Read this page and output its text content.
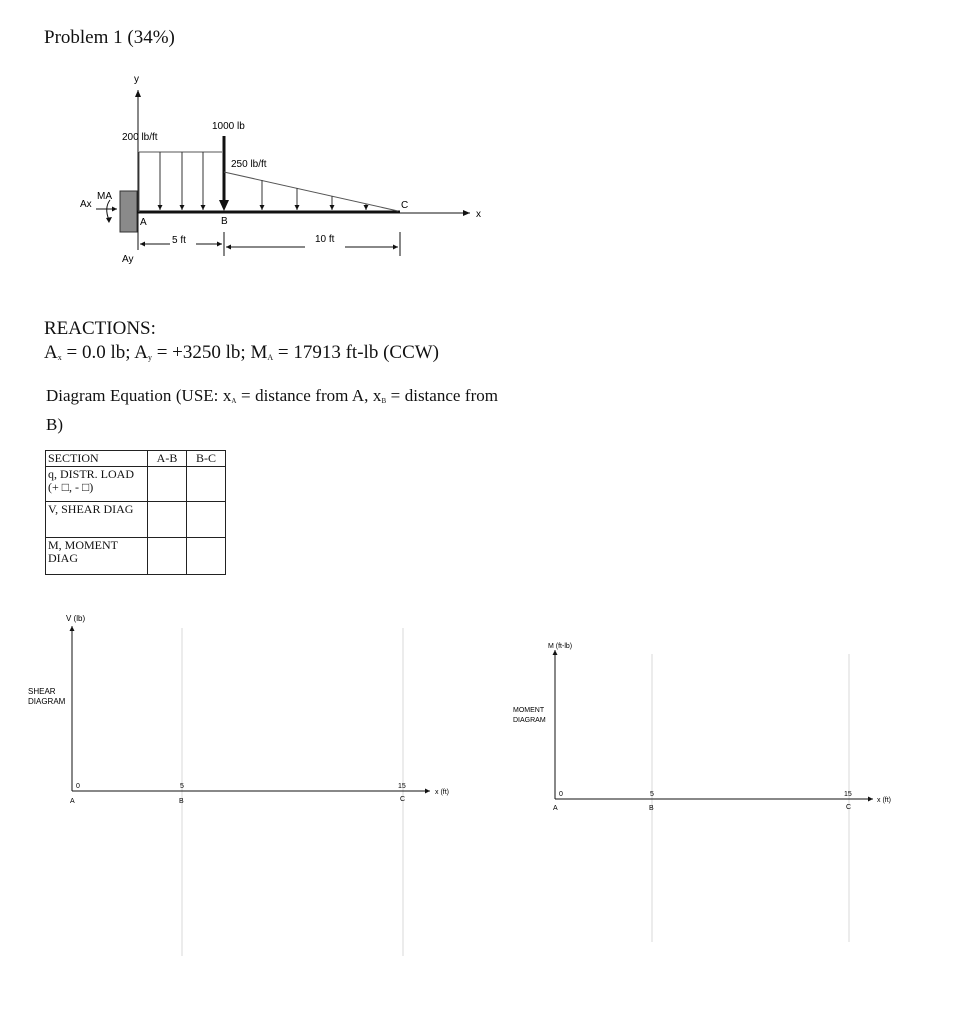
Problem 1 (34%)
y
x
200 lb/ft
1000 lb
250 lb/ft
A	B
C
Ax
MA
Ay
5 ft	10 ft
REACTIONS:
$A_x = 0.0$ lb; $A_y = +3250$ lb; $M_A = 17913$ ft-lb (CCW)
Diagram Equation (USE: $x_A$ = distance from A, $x_B$ = distance from B)
SECTION	A-B	B-C
q, DISTR. LOAD (+ □, - □)		
V, SHEAR DIAG		
M, MOMENT DIAG		
V (lb)
SHEAR
DIAGRAM
0	5	15
A	B	C
x (ft)
M (ft-lb)
MOMENT
DIAGRAM
0	5	15
A	B	C
x (ft)
